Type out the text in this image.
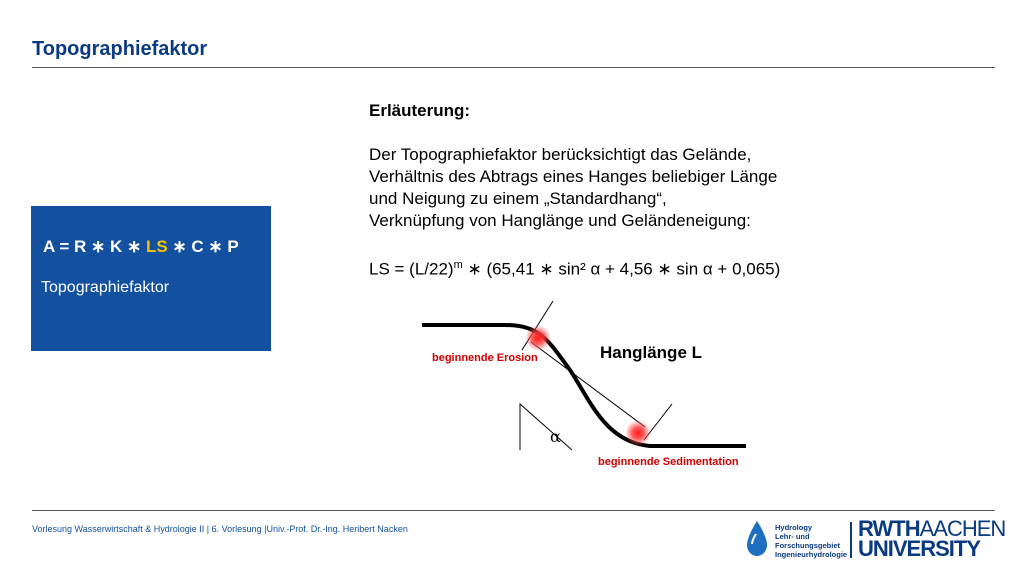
Topographiefaktor
A = R ∗ K ∗ LS ∗ C ∗ P
Topographiefaktor
Erläuterung:
Der Topographiefaktor berücksichtigt das Gelände,
Verhältnis des Abtrags eines Hanges beliebiger Länge
und Neigung zu einem „Standardhang“,
Verknüpfung von Hanglänge und Geländeneigung:
LS = $(L/22)^m$ ∗ (65,41 ∗ sin² α + 4,56 ∗ sin α + 0,065)
beginnende Erosion	Hanglänge L
α
beginnende Sedimentation
Vorlesung Wasserwirtschaft & Hydrologie II | 6. Vorlesung |Univ.-Prof. Dr.-Ing. Heribert Nacken	Hydrology
Lehr- und
Forschungsgebiet
Ingenieurhydrologie
RWTHAACHEN
UNIVERSITY
